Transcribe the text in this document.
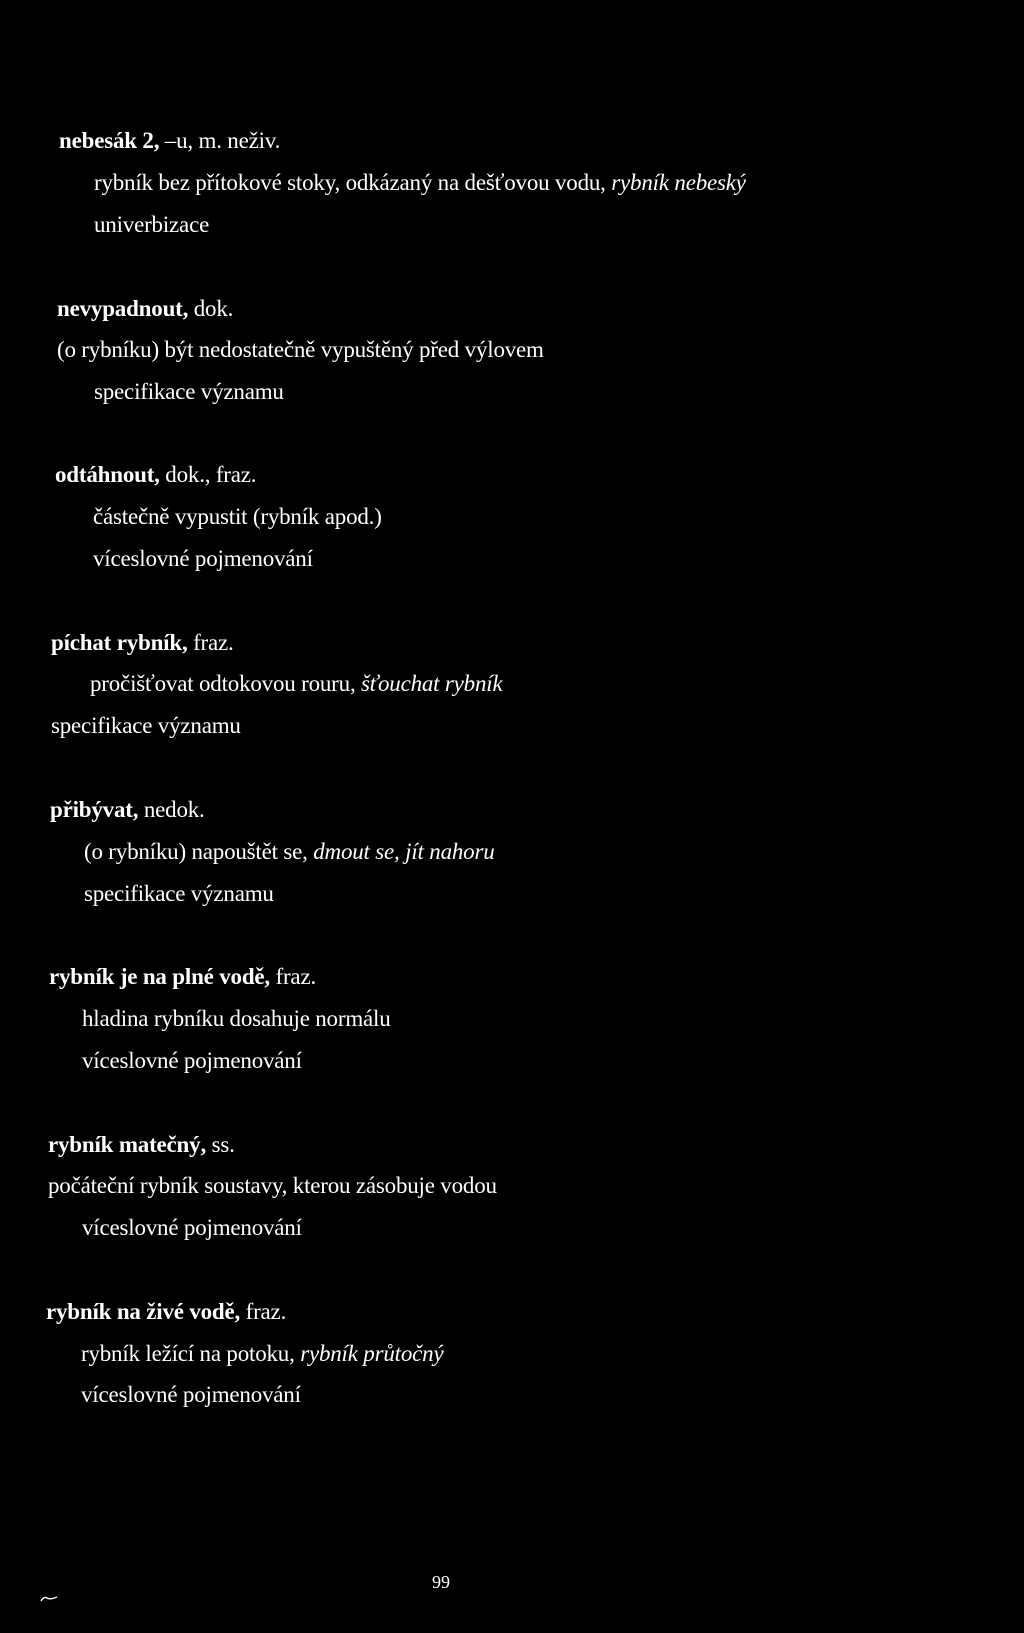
nebesák 2, –u, m. neživ.
rybník bez přítokové stoky, odkázaný na dešťovou vodu, rybník nebeský
univerbizace
nevypadnout, dok.
(o rybníku) být nedostatečně vypuštěný před výlovem
specifikace významu
odtáhnout, dok., fraz.
částečně vypustit (rybník apod.)
víceslovné pojmenování
píchat rybník, fraz.
pročišťovat odtokovou rouru, šťouchat rybník
specifikace významu
přibývat, nedok.
(o rybníku) napouštět se, dmout se, jít nahoru
specifikace významu
rybník je na plné vodě, fraz.
hladina rybníku dosahuje normálu
víceslovné pojmenování
rybník matečný, ss.
počáteční rybník soustavy, kterou zásobuje vodou
víceslovné pojmenování
rybník na živé vodě, fraz.
rybník ležící na potoku, rybník průtočný
víceslovné pojmenování
99
